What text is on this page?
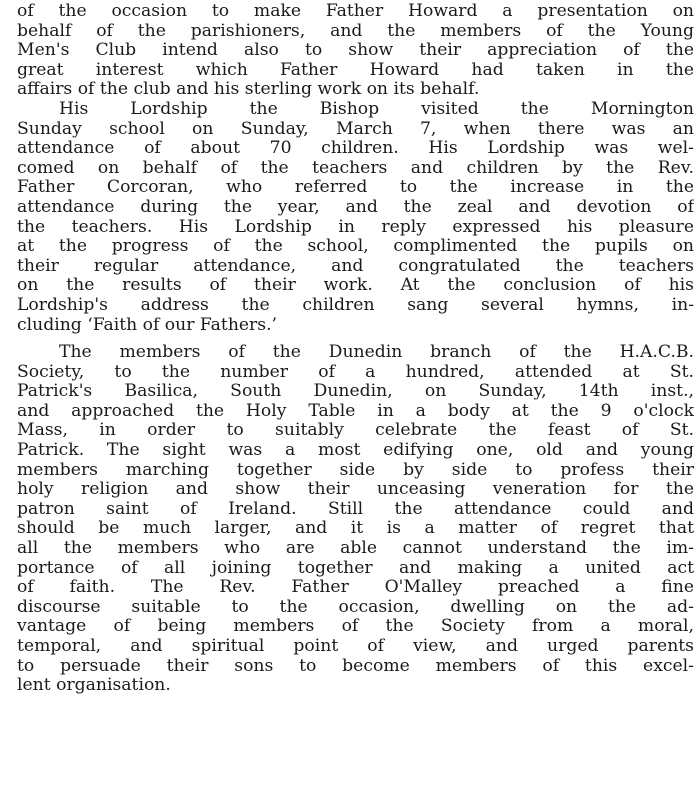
of the occasion to make Father Howard a presentation on
behalf of the parishioners, and the members of the Young
Men's Club intend also to show their appreciation of the
great interest which Father Howard had taken in the
affairs of the club and his sterling work on its behalf.

His Lordship the Bishop visited the Mornington
Sunday school on Sunday, March 7, when there was an
attendance of about 70 children. His Lordship was wel-
comed on behalf of the teachers and children by the Rev.
Father Corcoran, who referred to the increase in the
attendance during the year, and the zeal and devotion of
the teachers. His Lordship in reply expressed his pleasure
at the progress of the school, complimented the pupils on
their regular attendance, and congratulated the teachers
on the results of their work. At the conclusion of his
Lordship's address the children sang several hymns, in-
cluding ‘Faith of our Fathers.’

The members of the Dunedin branch of the H.A.C.B.
Society, to the number of a hundred, attended at St.
Patrick's Basilica, South Dunedin, on Sunday, 14th inst.,
and approached the Holy Table in a body at the 9 o'clock
Mass, in order to suitably celebrate the feast of St.
Patrick. The sight was a most edifying one, old and young
members marching together side by side to profess their
holy religion and show their unceasing veneration for the
patron saint of Ireland. Still the attendance could and
should be much larger, and it is a matter of regret that
all the members who are able cannot understand the im-
portance of all joining together and making a united act
of faith. The Rev. Father O'Malley preached a fine
discourse suitable to the occasion, dwelling on the ad-
vantage of being members of the Society from a moral,
temporal, and spiritual point of view, and urged parents
to persuade their sons to become members of this excel-
lent organisation.
